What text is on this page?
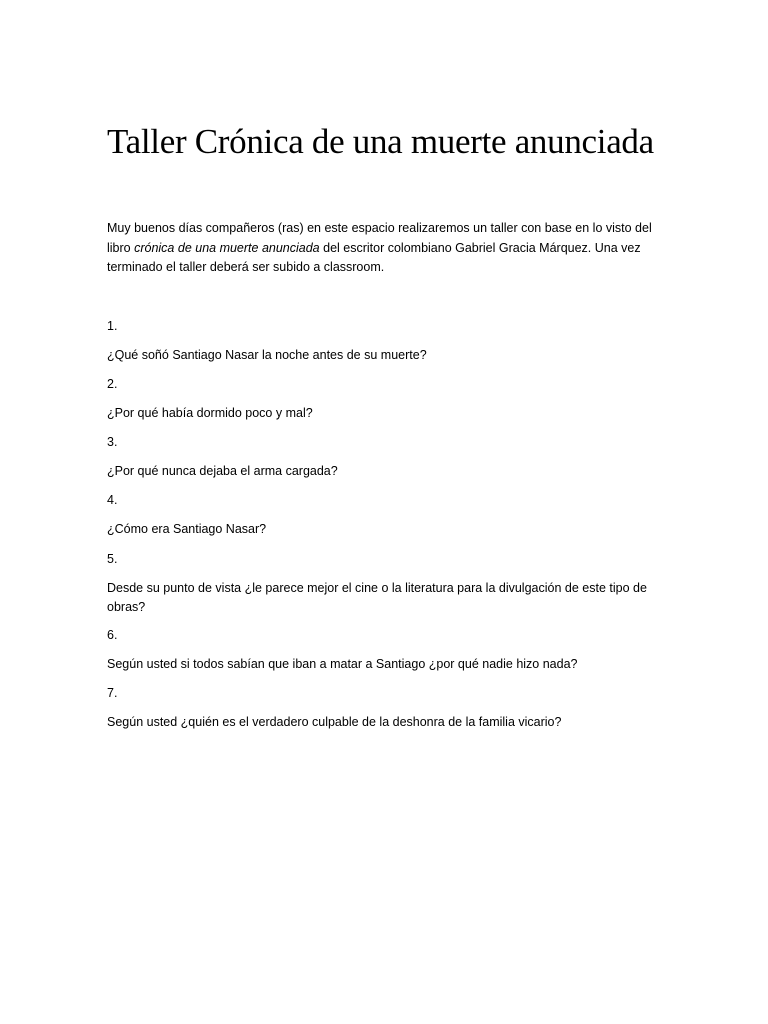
Taller Crónica de una muerte anunciada

Muy buenos días compañeros (ras) en este espacio realizaremos un taller con base en lo visto del libro crónica de una muerte anunciada del escritor colombiano Gabriel Gracia Márquez. Una vez terminado el taller deberá ser subido a classroom.

1.

¿Qué soñó Santiago Nasar la noche antes de su muerte?

2.

¿Por qué había dormido poco y mal?

3.

¿Por qué nunca dejaba el arma cargada?

4.

¿Cómo era Santiago Nasar?

5.

Desde su punto de vista ¿le parece mejor el cine o la literatura para la divulgación de este tipo de obras?

6.

Según usted si todos sabían que iban a matar a Santiago ¿por qué nadie hizo nada?

7.

Según usted ¿quién es el verdadero culpable de la deshonra de la familia vicario?
